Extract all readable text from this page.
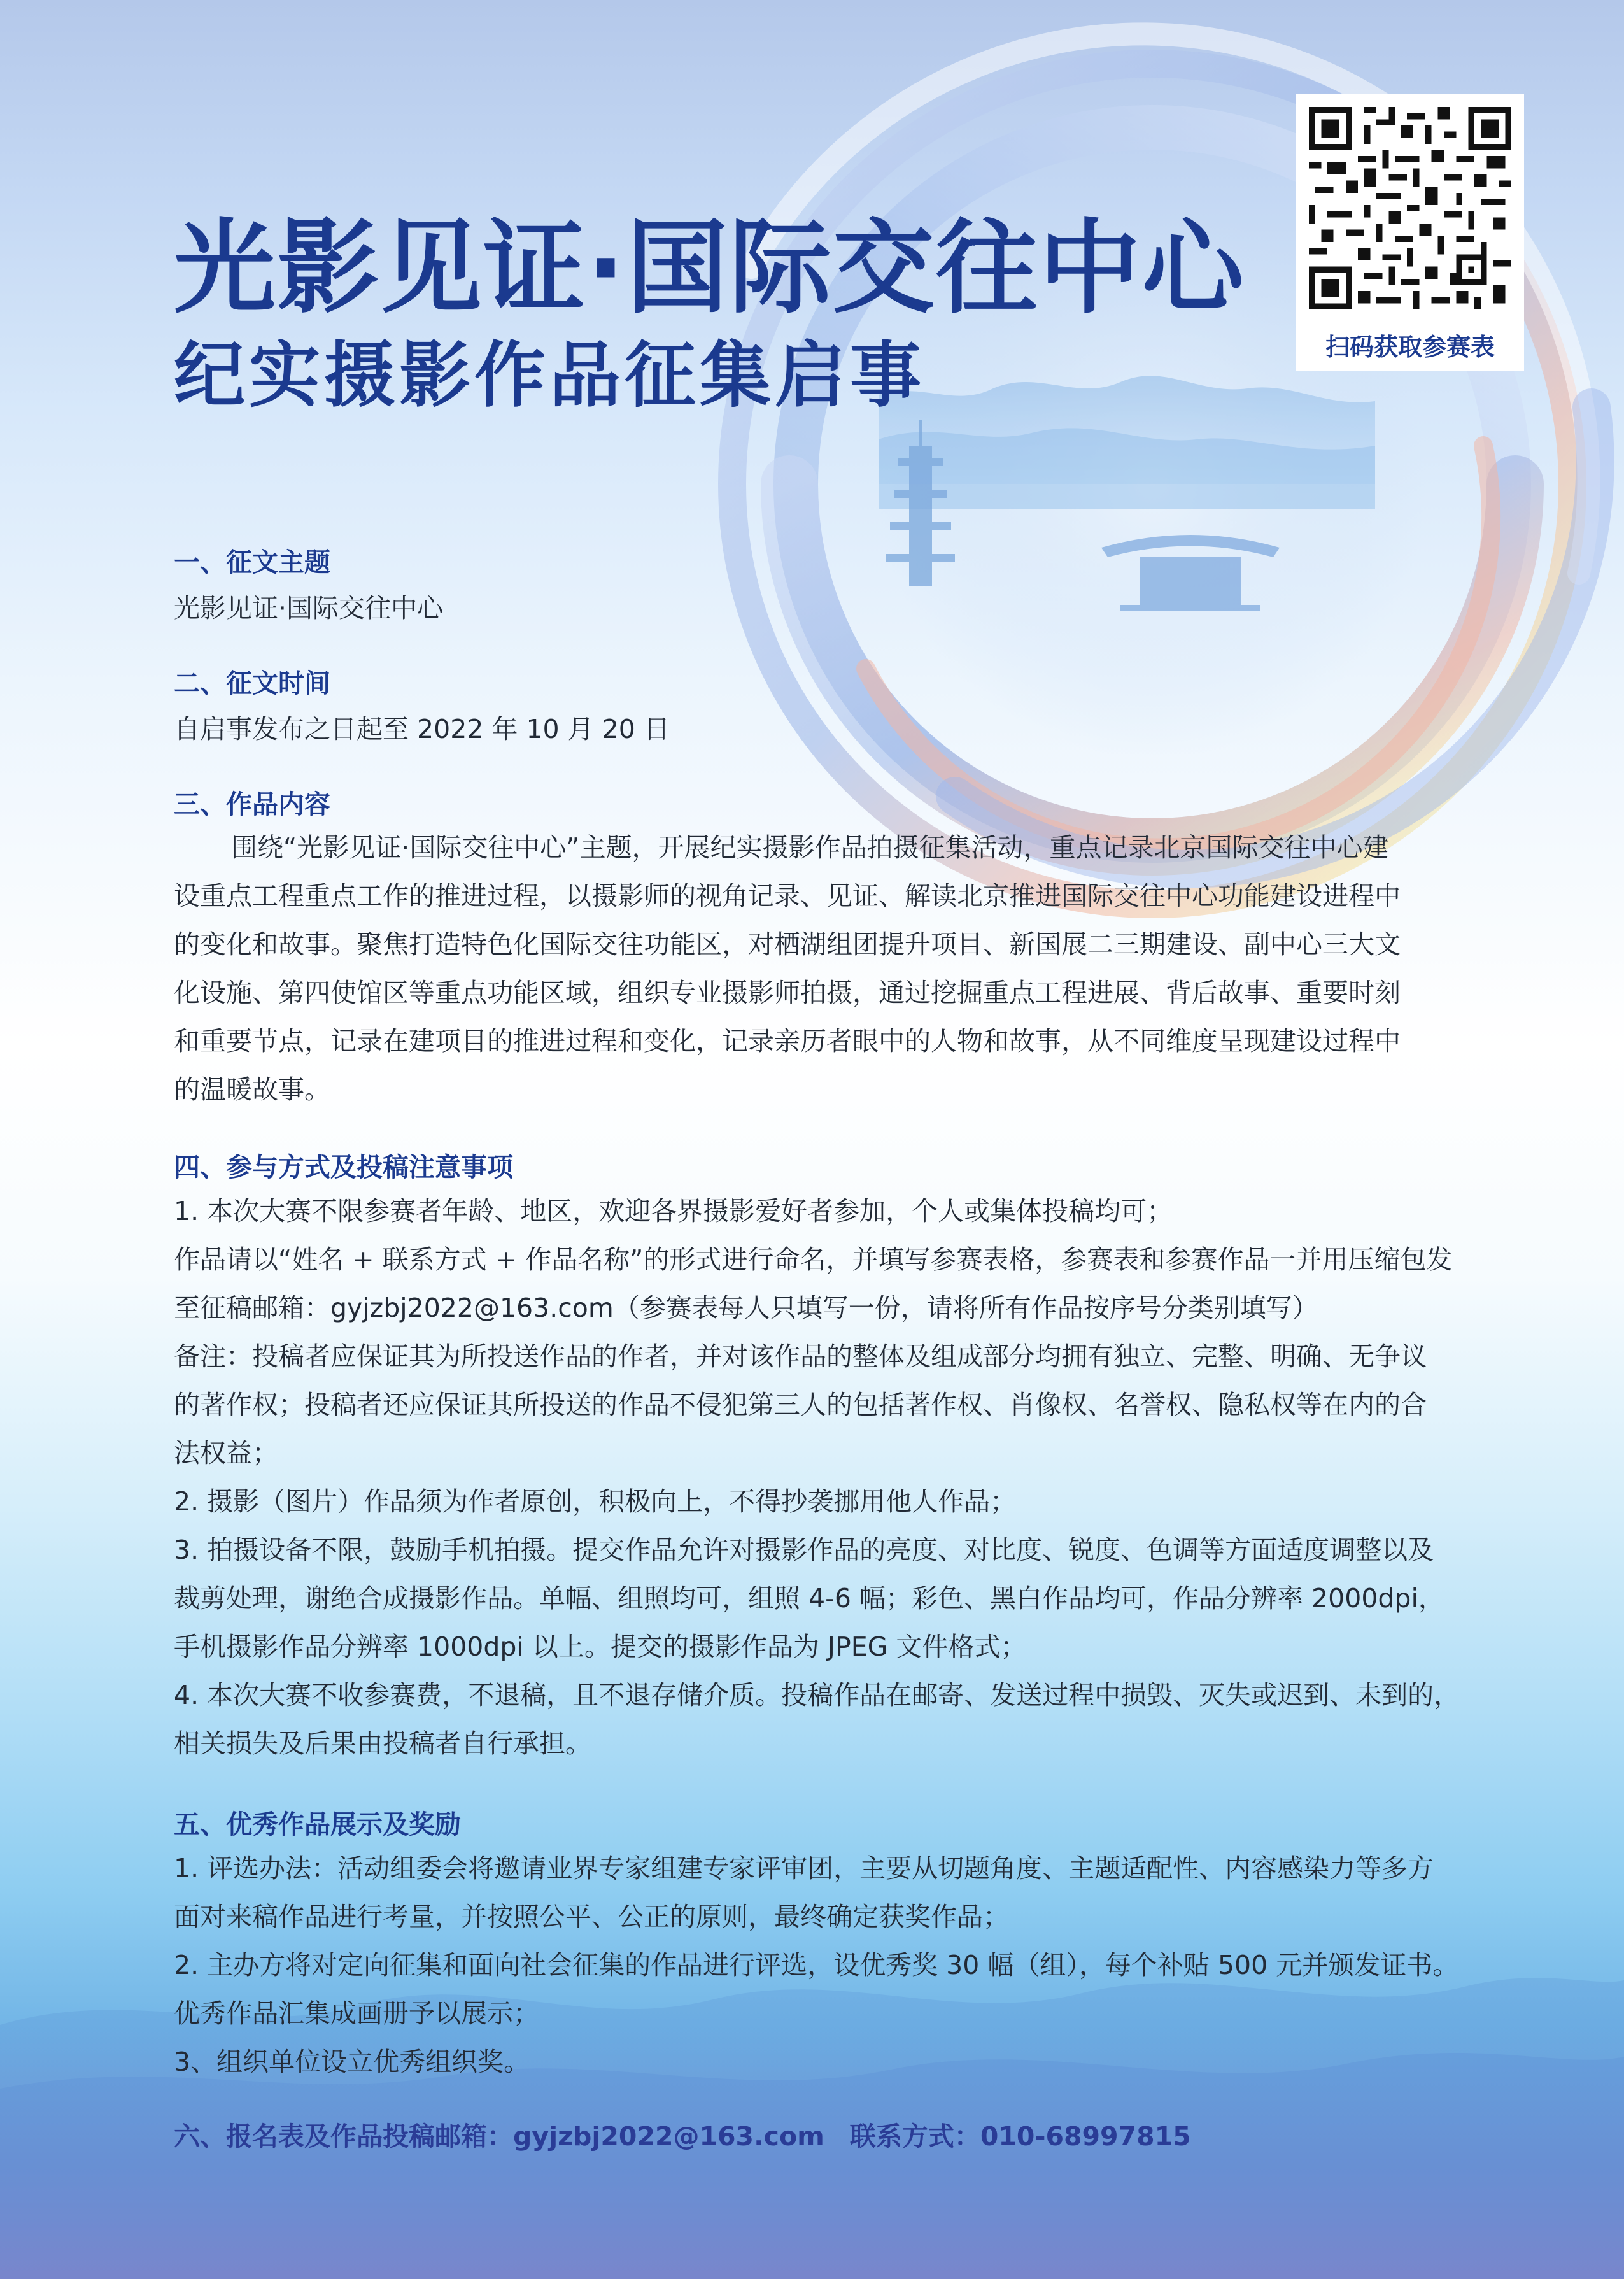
光影见证·国际交往中心
纪实摄影作品征集启事	扫码获取参赛表
一、征文主题

光影见证·国际交往中心

二、征文时间

自启事发布之日起至 2022 年 10 月 20 日

三、作品内容

围绕“光影见证·国际交往中心”主题，开展纪实摄影作品拍摄征集活动，重点记录北京国际交往中心建
设重点工程重点工作的推进过程，以摄影师的视角记录、见证、解读北京推进国际交往中心功能建设进程中
的变化和故事。聚焦打造特色化国际交往功能区，对栖湖组团提升项目、新国展二三期建设、副中心三大文
化设施、第四使馆区等重点功能区域，组织专业摄影师拍摄，通过挖掘重点工程进展、背后故事、重要时刻
和重要节点，记录在建项目的推进过程和变化，记录亲历者眼中的人物和故事，从不同维度呈现建设过程中
的温暖故事。

四、参与方式及投稿注意事项

1. 本次大赛不限参赛者年龄、地区，欢迎各界摄影爱好者参加，个人或集体投稿均可；
作品请以“姓名 + 联系方式 + 作品名称”的形式进行命名，并填写参赛表格，参赛表和参赛作品一并用压缩包发
至征稿邮箱：gyjzbj2022@163.com（参赛表每人只填写一份，请将所有作品按序号分类别填写）
备注：投稿者应保证其为所投送作品的作者，并对该作品的整体及组成部分均拥有独立、完整、明确、无争议
的著作权；投稿者还应保证其所投送的作品不侵犯第三人的包括著作权、肖像权、名誉权、隐私权等在内的合
法权益；
2. 摄影（图片）作品须为作者原创，积极向上，不得抄袭挪用他人作品；
3. 拍摄设备不限，鼓励手机拍摄。提交作品允许对摄影作品的亮度、对比度、锐度、色调等方面适度调整以及
裁剪处理，谢绝合成摄影作品。单幅、组照均可，组照 4-6 幅；彩色、黑白作品均可，作品分辨率 2000dpi，
手机摄影作品分辨率 1000dpi 以上。提交的摄影作品为 JPEG 文件格式；
4. 本次大赛不收参赛费，不退稿，且不退存储介质。投稿作品在邮寄、发送过程中损毁、灭失或迟到、未到的，
相关损失及后果由投稿者自行承担。

五、优秀作品展示及奖励

1. 评选办法：活动组委会将邀请业界专家组建专家评审团，主要从切题角度、主题适配性、内容感染力等多方
面对来稿作品进行考量，并按照公平、公正的原则，最终确定获奖作品；
2. 主办方将对定向征集和面向社会征集的作品进行评选，设优秀奖 30 幅（组），每个补贴 500 元并颁发证书。
优秀作品汇集成画册予以展示；
3、组织单位设立优秀组织奖。

六、报名表及作品投稿邮箱：gyjzbj2022@163.com 联系方式：010-68997815
